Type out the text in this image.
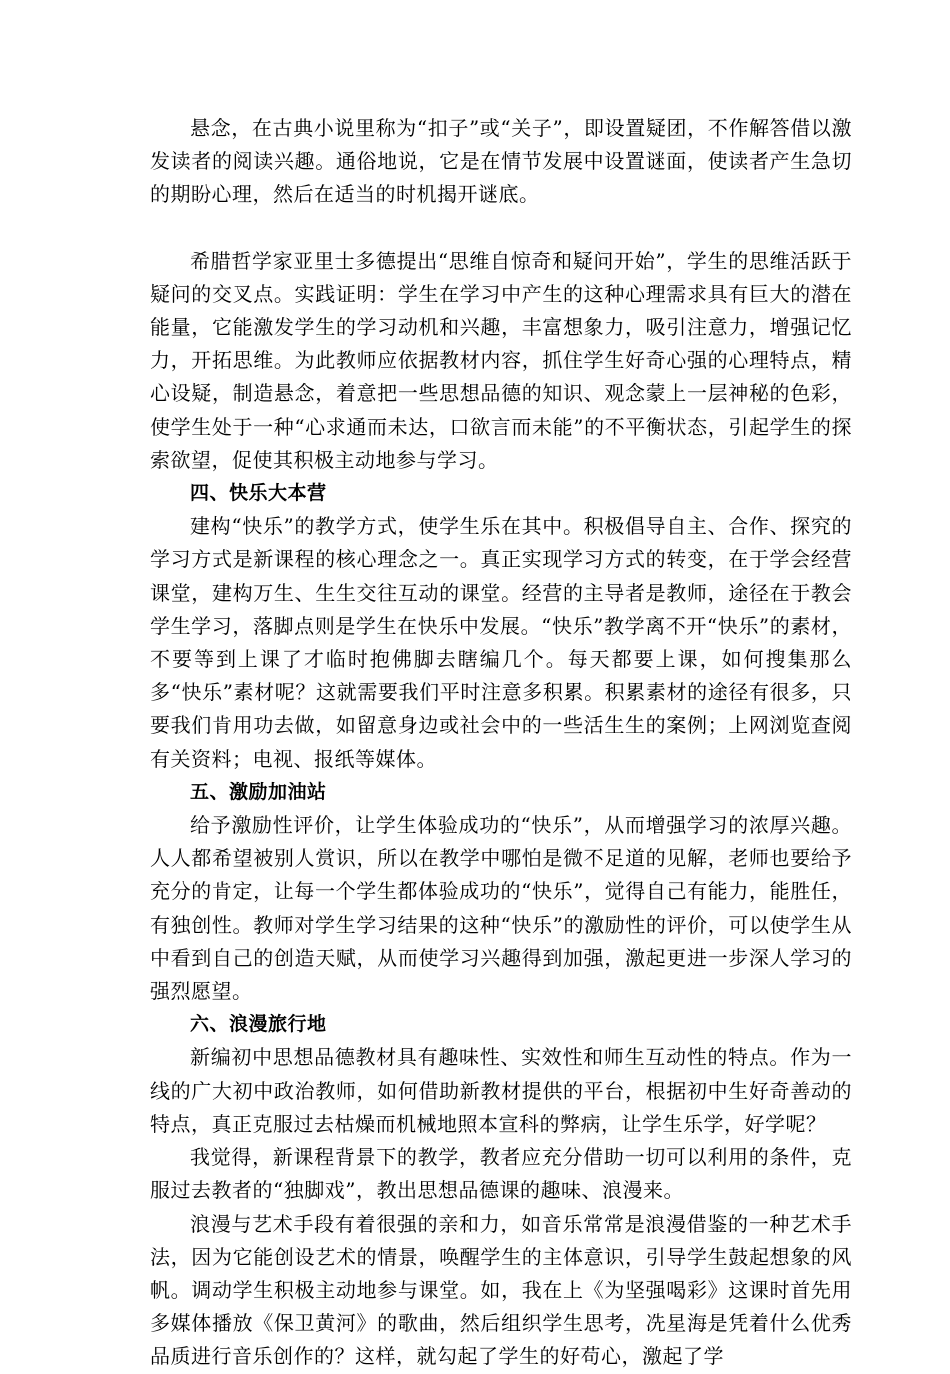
悬念，在古典小说里称为“扣子”或“关子”，即设置疑团，不作解答借以激发读者的阅读兴趣。通俗地说，它是在情节发展中设置谜面，使读者产生急切的期盼心理，然后在适当的时机揭开谜底。

希腊哲学家亚里士多德提出“思维自惊奇和疑问开始”，学生的思维活跃于疑问的交叉点。实践证明：学生在学习中产生的这种心理需求具有巨大的潜在能量，它能激发学生的学习动机和兴趣，丰富想象力，吸引注意力，增强记忆力，开拓思维。为此教师应依据教材内容，抓住学生好奇心强的心理特点，精心设疑，制造悬念，着意把一些思想品德的知识、观念蒙上一层神秘的色彩，使学生处于一种“心求通而未达，口欲言而未能”的不平衡状态，引起学生的探索欲望，促使其积极主动地参与学习。

四、快乐大本营

建构“快乐”的教学方式，使学生乐在其中。积极倡导自主、合作、探究的学习方式是新课程的核心理念之一。真正实现学习方式的转变，在于学会经营课堂，建构万生、生生交往互动的课堂。经营的主导者是教师，途径在于教会学生学习，落脚点则是学生在快乐中发展。“快乐”教学离不开“快乐”的素材，不要等到上课了才临时抱佛脚去瞎编几个。每天都要上课，如何搜集那么多“快乐”素材呢？这就需要我们平时注意多积累。积累素材的途径有很多，只要我们肯用功去做，如留意身边或社会中的一些活生生的案例；上网浏览查阅有关资料；电视、报纸等媒体。

五、激励加油站

给予激励性评价，让学生体验成功的“快乐”，从而增强学习的浓厚兴趣。人人都希望被别人赏识，所以在教学中哪怕是微不足道的见解，老师也要给予充分的肯定，让每一个学生都体验成功的“快乐”，觉得自己有能力，能胜任，有独创性。教师对学生学习结果的这种“快乐”的激励性的评价，可以使学生从中看到自己的创造天赋，从而使学习兴趣得到加强，激起更进一步深人学习的强烈愿望。

六、浪漫旅行地

新编初中思想品德教材具有趣味性、实效性和师生互动性的特点。作为一线的广大初中政治教师，如何借助新教材提供的平台，根据初中生好奇善动的特点，真正克服过去枯燥而机械地照本宣科的弊病，让学生乐学，好学呢？

我觉得，新课程背景下的教学，教者应充分借助一切可以利用的条件，克服过去教者的“独脚戏”，教出思想品德课的趣味、浪漫来。

浪漫与艺术手段有着很强的亲和力，如音乐常常是浪漫借鉴的一种艺术手法，因为它能创设艺术的情景，唤醒学生的主体意识，引导学生鼓起想象的风帆。调动学生积极主动地参与课堂。如，我在上《为坚强喝彩》这课时首先用多媒体播放《保卫黄河》的歌曲，然后组织学生思考，冼星海是凭着什么优秀品质进行音乐创作的？这样，就勾起了学生的好苟心，激起了学
